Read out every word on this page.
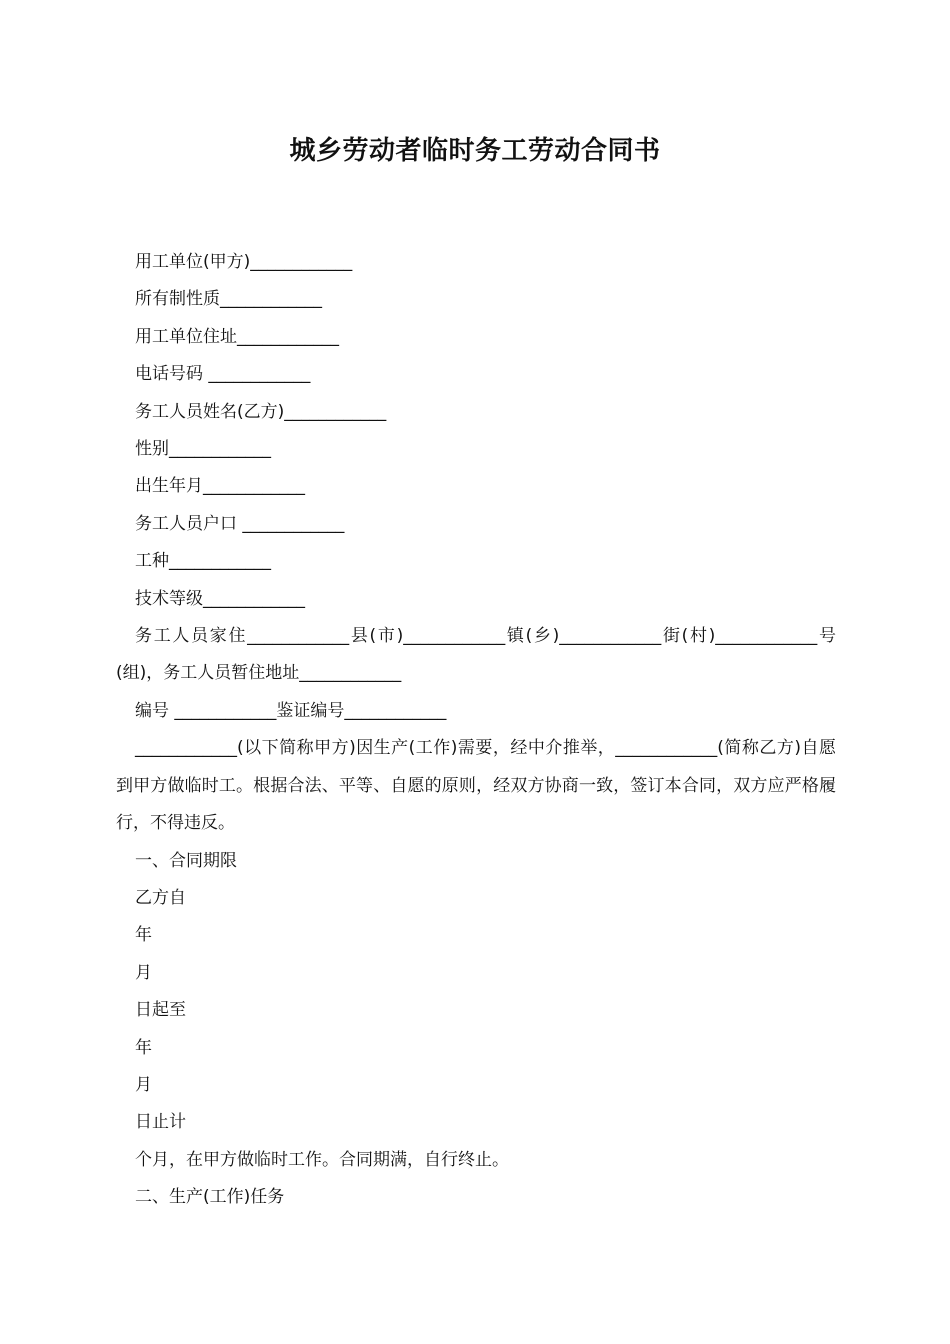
城乡劳动者临时务工劳动合同书

用工单位(甲方)____________

所有制性质____________

用工单位住址____________

电话号码 ____________

务工人员姓名(乙方)____________

性别____________

出生年月____________

务工人员户口 ____________

工种____________

技术等级____________

务工人员家住____________县(市)____________镇(乡)____________街(村)____________号(组)，务工人员暂住地址____________

编号 ____________鉴证编号____________

____________(以下简称甲方)因生产(工作)需要，经中介推举，____________(简称乙方)自愿到甲方做临时工。根据合法、平等、自愿的原则，经双方协商一致，签订本合同，双方应严格履行，不得违反。

一、合同期限

乙方自

年

月

日起至

年

月

日止计

个月，在甲方做临时工作。合同期满，自行终止。

二、生产(工作)任务
